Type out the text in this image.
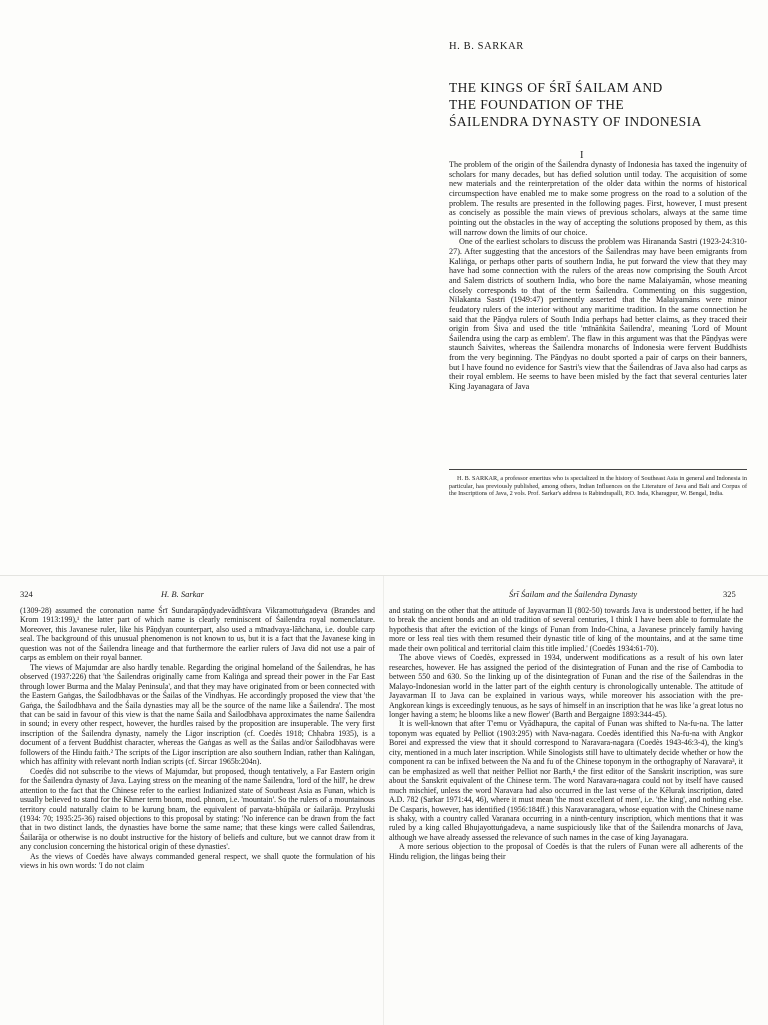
H. B. SARKAR
THE KINGS OF ŚRĪ ŚAILAM AND
THE FOUNDATION OF THE
ŚAILENDRA DYNASTY OF INDONESIA
I

The problem of the origin of the Śailendra dynasty of Indonesia has taxed the ingenuity of scholars for many decades, but has defied solution until today. The acquisition of some new materials and the reinterpretation of the older data within the norms of historical circumspection have enabled me to make some progress on the road to a solution of the problem. The results are presented in the following pages. First, however, I must present as concisely as possible the main views of previous scholars, always at the same time pointing out the obstacles in the way of accepting the solutions proposed by them, as this will narrow down the limits of our choice.

One of the earliest scholars to discuss the problem was Hirananda Sastri (1923-24:310-27). After suggesting that the ancestors of the Śailendras may have been emigrants from Kaliṅga, or perhaps other parts of southern India, he put forward the view that they may have had some connection with the rulers of the areas now comprising the South Arcot and Salem districts of southern India, who bore the name Malaiyamān, whose meaning closely corresponds to that of the term Śailendra. Commenting on this suggestion, Nilakanta Sastri (1949:47) pertinently asserted that the Malaiyamāns were minor feudatory rulers of the interior without any maritime tradition. In the same connection he said that the Pāṇḍya rulers of South India perhaps had better claims, as they traced their origin from Śiva and used the title 'mīnāṅkita Śailendra', meaning 'Lord of Mount Śailendra using the carp as emblem'. The flaw in this argument was that the Pāṇḍyas were staunch Śaivites, whereas the Śailendra monarchs of Indonesia were fervent Buddhists from the very beginning. The Pāṇḍyas no doubt sported a pair of carps on their banners, but I have found no evidence for Sastri's view that the Śailendras of Java also had carps as their royal emblem. He seems to have been misled by the fact that several centuries later King Jayanagara of Java

H. B. SARKAR, a professor emeritus who is specialized in the history of Southeast Asia in general and Indonesia in particular, has previously published, among others, Indian Influences on the Literature of Java and Bali and Corpus of the Inscriptions of Java, 2 vols. Prof. Sarkar's address is Rabindrapalli, P.O. Inda, Kharagpur, W. Bengal, India.

324	H. B. Sarkar

(1309-28) assumed the coronation name Śrī Sundarapāṇḍyadevādhīśvara Vikramottuṅgadeva (Brandes and Krom 1913:199),¹ the latter part of which name is clearly reminiscent of Śailendra royal nomenclature. Moreover, this Javanese ruler, like his Pāṇḍyan counterpart, also used a mīnadvaya-lāñchana, i.e. double carp seal. The background of this unusual phenomenon is not known to us, but it is a fact that the Javanese king in question was not of the Śailendra lineage and that furthermore the earlier rulers of Java did not use a pair of carps as emblem on their royal banner.

The views of Majumdar are also hardly tenable. Regarding the original homeland of the Śailendras, he has observed (1937:226) that 'the Śailendras originally came from Kaliṅga and spread their power in the Far East through lower Burma and the Malay Peninsula', and that they may have originated from or been connected with the Eastern Gaṅgas, the Śailodbhavas or the Śailas of the Vindhyas. He accordingly proposed the view that 'the Gaṅga, the Śailodbhava and the Śaila dynasties may all be the source of the name like a Śailendra'. The most that can be said in favour of this view is that the name Śaila and Śailodbhava approximates the name Śailendra in sound; in every other respect, however, the hurdles raised by the proposition are insuperable. The very first inscription of the Śailendra dynasty, namely the Ligor inscription (cf. Coedès 1918; Chhabra 1935), is a document of a fervent Buddhist character, whereas the Gaṅgas as well as the Śailas and/or Śailodbhavas were followers of the Hindu faith.² The scripts of the Ligor inscription are also southern Indian, rather than Kaliṅgan, which has affinity with relevant north Indian scripts (cf. Sircar 1965b:204n).

Coedès did not subscribe to the views of Majumdar, but proposed, though tentatively, a Far Eastern origin for the Śailendra dynasty of Java. Laying stress on the meaning of the name Śailendra, 'lord of the hill', he drew attention to the fact that the Chinese refer to the earliest Indianized state of Southeast Asia as Funan, which is usually believed to stand for the Khmer term bnom, mod. phnom, i.e. 'mountain'. So the rulers of a mountainous territory could naturally claim to be kurung bnam, the equivalent of parvata-bhūpāla or śailarāja. Przyluski (1934: 70; 1935:25-36) raised objections to this proposal by stating: 'No inference can be drawn from the fact that in two distinct lands, the dynasties have borne the same name; that these kings were called Śailendras, Śailarāja or otherwise is no doubt instructive for the history of beliefs and culture, but we cannot draw from it any conclusion concerning the historical origin of these dynasties'.

As the views of Coedès have always commanded general respect, we shall quote the formulation of his views in his own words: 'I do not claim

Śrī Śailam and the Śailendra Dynasty	325

and stating on the other that the attitude of Jayavarman II (802-50) towards Java is understood better, if he had to break the ancient bonds and an old tradition of several centuries, I think I have been able to formulate the hypothesis that after the eviction of the kings of Funan from Indo-China, a Javanese princely family having more or less real ties with them resumed their dynastic title of king of the mountains, and at the same time made their own political and territorial claim this title implied.' (Coedès 1934:61-70).

The above views of Coedès, expressed in 1934, underwent modifications as a result of his own later researches, however. He has assigned the period of the disintegration of Funan and the rise of Cambodia to between 550 and 630. So the linking up of the disintegration of Funan and the rise of the Śailendras in the Malayo-Indonesian world in the latter part of the eighth century is chronologically untenable. The attitude of Jayavarman II to Java can be explained in various ways, while moreover his association with the pre-Angkorean kings is exceedingly tenuous, as he says of himself in an inscription that he was like 'a great lotus no longer having a stem; he blooms like a new flower' (Barth and Bergaigne 1893:344-45).

It is well-known that after T'emu or Vyādhapura, the capital of Funan was shifted to Na-fu-na. The latter toponym was equated by Pelliot (1903:295) with Nava-nagara. Coedès identified this Na-fu-na with Angkor Borei and expressed the view that it should correspond to Naravara-nagara (Coedès 1943-46:3-4), the king's city, mentioned in a much later inscription. While Sinologists still have to ultimately decide whether or how the component ra can be infixed between the Na and fu of the Chinese toponym in the orthography of Naravara³, it can be emphasized as well that neither Pelliot nor Barth,⁴ the first editor of the Sanskrit inscription, was sure about the Sanskrit equivalent of the Chinese term. The word Naravara-nagara could not by itself have caused much mischief, unless the word Naravara had also occurred in the last verse of the Kĕlurak inscription, dated A.D. 782 (Sarkar 1971:44, 46), where it must mean 'the most excellent of men', i.e. 'the king', and nothing else. De Casparis, however, has identified (1956:184ff.) this Naravaranagara, whose equation with the Chinese name is shaky, with a country called Varanara occurring in a ninth-century inscription, which mentions that it was ruled by a king called Bhujayottuṅgadeva, a name suspiciously like that of the Śailendra monarchs of Java, although we have already assessed the relevance of such names in the case of king Jayanagara.

A more serious objection to the proposal of Coedès is that the rulers of Funan were all adherents of the Hindu religion, the liṅgas being their
